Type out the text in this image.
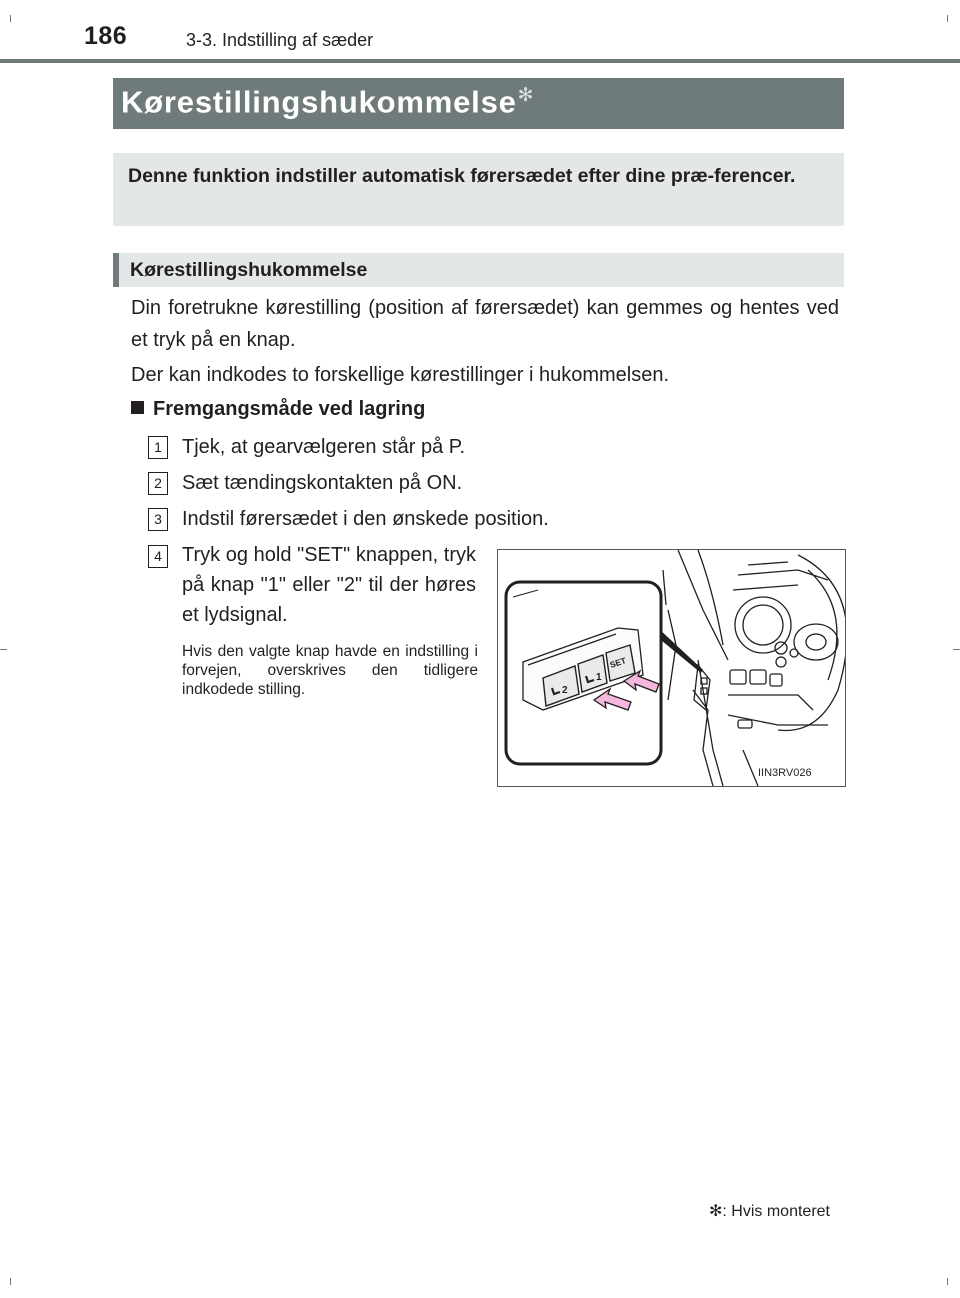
186	3-3. Indstilling af sæder
Kørestillingshukommelse✻
Denne funktion indstiller automatisk førersædet efter dine præ-ferencer.
Kørestillingshukommelse
Din foretrukne kørestilling (position af førersædet) kan gemmes og hentes ved et tryk på en knap.
Der kan indkodes to forskellige kørestillinger i hukommelsen.
Fremgangsmåde ved lagring
1	Tjek, at gearvælgeren står på P.
2	Sæt tændingskontakten på ON.
3	Indstil førersædet i den ønskede position.
4	Tryk og hold "SET" knappen, tryk på knap "1" eller "2" til der høres et lydsignal.
Hvis den valgte knap havde en indstilling i forvejen, overskrives den tidligere indkodede stilling.	2
1
SET
IIN3RV026
✻: Hvis monteret
